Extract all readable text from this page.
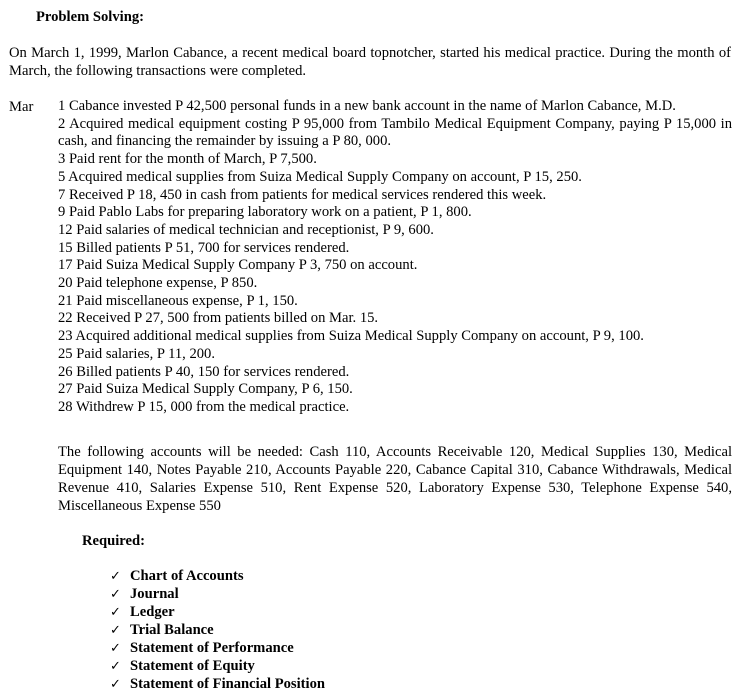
Problem Solving:
On March 1, 1999, Marlon Cabance, a recent medical board topnotcher, started his medical practice. During the month of March, the following transactions were completed.
Mar 1 Cabance invested P 42,500 personal funds in a new bank account in the name of Marlon Cabance, M.D.
2 Acquired medical equipment costing P 95,000 from Tambilo Medical Equipment Company, paying P 15,000 in cash, and financing the remainder by issuing a P 80, 000.
3 Paid rent for the month of March, P 7,500.
5 Acquired medical supplies from Suiza Medical Supply Company on account, P 15, 250.
7 Received P 18, 450 in cash from patients for medical services rendered this week.
9 Paid Pablo Labs for preparing laboratory work on a patient, P 1, 800.
12 Paid salaries of medical technician and receptionist, P 9, 600.
15 Billed patients P 51, 700 for services rendered.
17 Paid Suiza Medical Supply Company P 3, 750 on account.
20 Paid telephone expense, P 850.
21 Paid miscellaneous expense, P 1, 150.
22 Received P 27, 500 from patients billed on Mar. 15.
23 Acquired additional medical supplies from Suiza Medical Supply Company on account, P 9, 100.
25 Paid salaries, P 11, 200.
26 Billed patients P 40, 150 for services rendered.
27 Paid Suiza Medical Supply Company, P 6, 150.
28 Withdrew P 15, 000 from the medical practice.
The following accounts will be needed: Cash 110, Accounts Receivable 120, Medical Supplies 130, Medical Equipment 140, Notes Payable 210, Accounts Payable 220, Cabance Capital 310, Cabance Withdrawals, Medical Revenue 410, Salaries Expense 510, Rent Expense 520, Laboratory Expense 530, Telephone Expense 540, Miscellaneous Expense 550
Required:
✓ Chart of Accounts
✓ Journal
✓ Ledger
✓ Trial Balance
✓ Statement of Performance
✓ Statement of Equity
✓ Statement of Financial Position
